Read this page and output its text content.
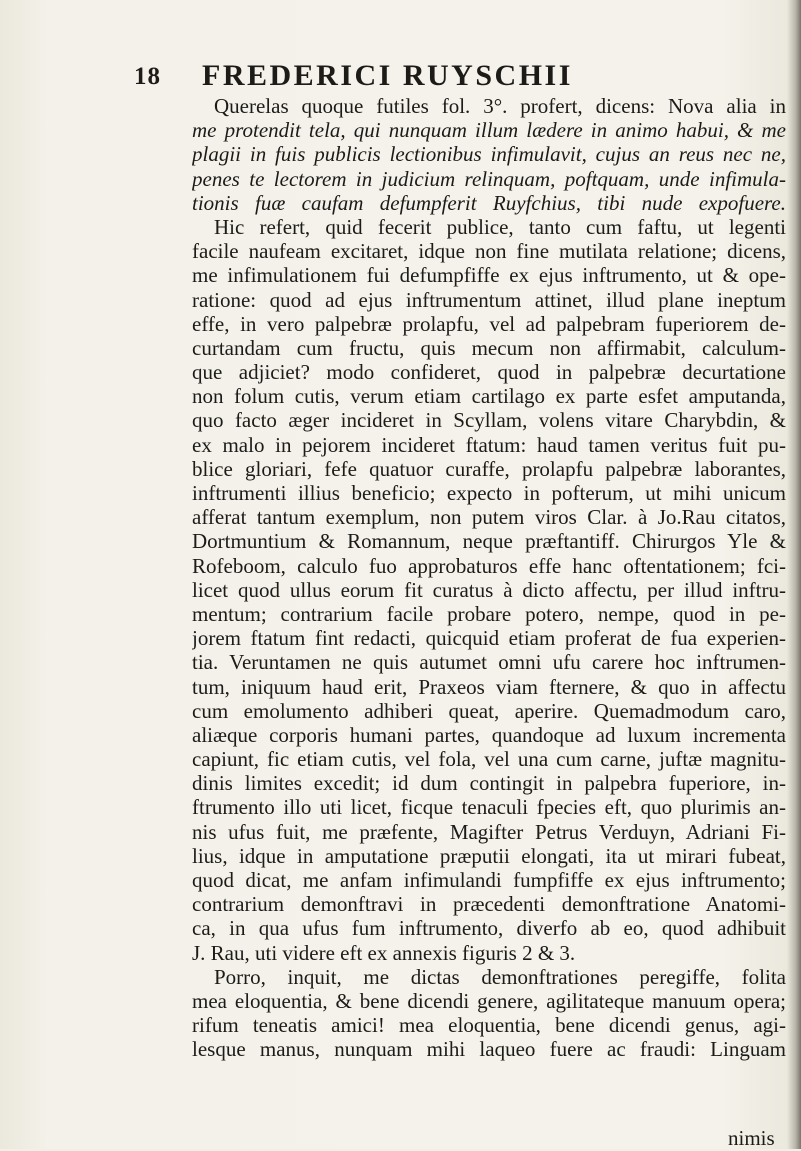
18 FREDERICI RUYSCHII
Querelas quoque futiles fol. 3°. profert, dicens: Nova alia in
me protendit tela, qui nunquam illum lædere in animo habui, & me
plagii in fuis publicis lectionibus infimulavit, cujus an reus nec ne,
penes te lectorem in judicium relinquam, poftquam, unde infimula-
tionis fuæ caufam defumpferit Ruyfchius, tibi nude expofuere.
Hic refert, quid fecerit publice, tanto cum faftu, ut legenti
facile naufeam excitaret, idque non fine mutilata relatione; dicens,
me infimulationem fui defumpfiffe ex ejus inftrumento, ut & ope-
ratione: quod ad ejus inftrumentum attinet, illud plane ineptum
effe, in vero palpebræ prolapfu, vel ad palpebram fuperiorem de-
curtandam cum fructu, quis mecum non affirmabit, calculum-
que adjiciet? modo confideret, quod in palpebræ decurtatione
non folum cutis, verum etiam cartilago ex parte esfet amputanda,
quo facto æger incideret in Scyllam, volens vitare Charybdin, &
ex malo in pejorem incideret ftatum: haud tamen veritus fuit pu-
blice gloriari, fefe quatuor curaffe, prolapfu palpebræ laborantes,
inftrumenti illius beneficio; expecto in pofterum, ut mihi unicum
afferat tantum exemplum, non putem viros Clar. à Jo.Rau citatos,
Dortmuntium & Romannum, neque præftantiff. Chirurgos Yle &
Rofeboom, calculo fuo approbaturos effe hanc oftentationem; fci-
licet quod ullus eorum fit curatus à dicto affectu, per illud inftru-
mentum; contrarium facile probare potero, nempe, quod in pe-
jorem ftatum fint redacti, quicquid etiam proferat de fua experien-
tia. Veruntamen ne quis autumet omni ufu carere hoc inftrumen-
tum, iniquum haud erit, Praxeos viam fternere, & quo in affectu
cum emolumento adhiberi queat, aperire. Quemadmodum caro,
aliæque corporis humani partes, quandoque ad luxum incrementa
capiunt, fic etiam cutis, vel fola, vel una cum carne, juftæ magnitu-
dinis limites excedit; id dum contingit in palpebra fuperiore, in-
ftrumento illo uti licet, ficque tenaculi fpecies eft, quo plurimis an-
nis ufus fuit, me præfente, Magifter Petrus Verduyn, Adriani Fi-
lius, idque in amputatione præputii elongati, ita ut mirari fubeat,
quod dicat, me anfam infimulandi fumpfiffe ex ejus inftrumento;
contrarium demonftravi in præcedenti demonftratione Anatomi-
ca, in qua ufus fum inftrumento, diverfo ab eo, quod adhibuit
J. Rau, uti videre eft ex annexis figuris 2 & 3.
Porro, inquit, me dictas demonftrationes peregiffe, folita
mea eloquentia, & bene dicendi genere, agilitateque manuum opera;
rifum teneatis amici! mea eloquentia, bene dicendi genus, agi-
lesque manus, nunquam mihi laqueo fuere ac fraudi: Linguam
nimis
